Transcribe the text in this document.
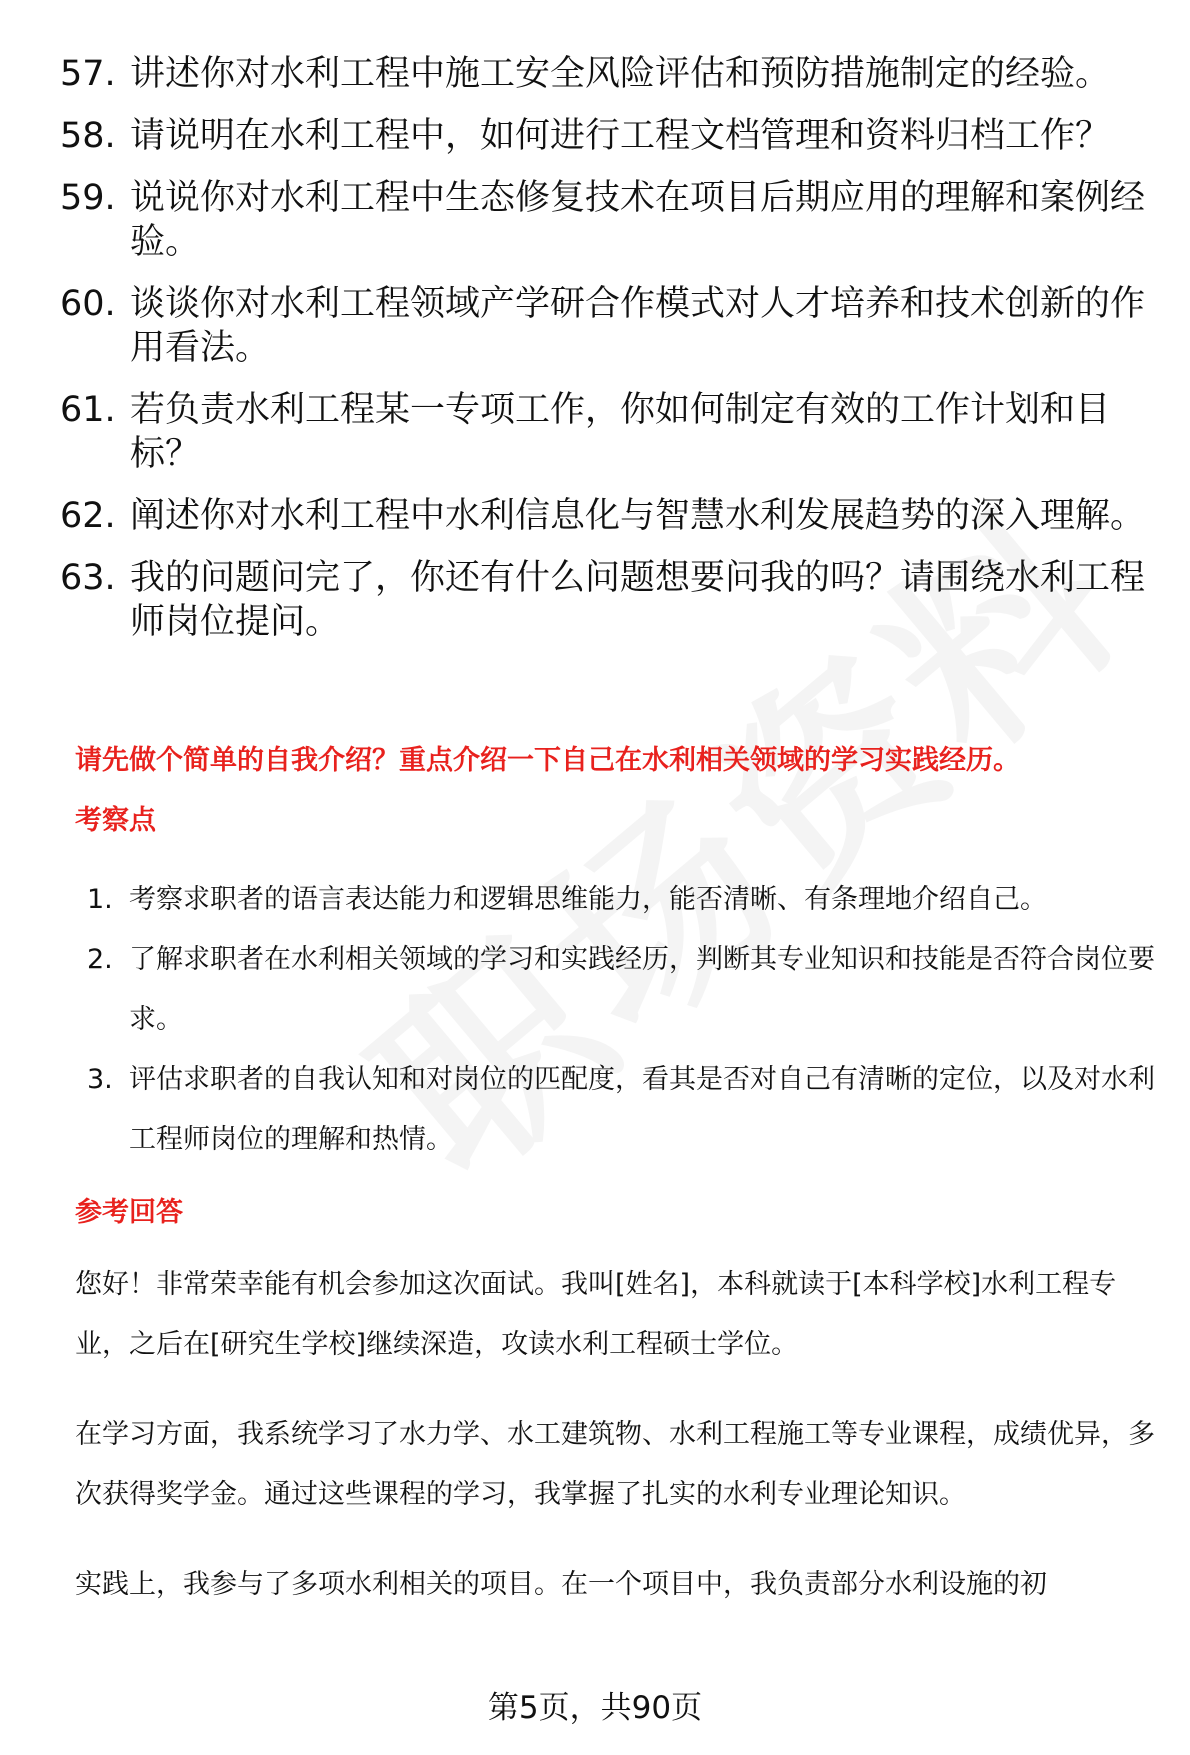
57. 讲述你对水利工程中施工安全风险评估和预防措施制定的经验。
58. 请说明在水利工程中，如何进行工程文档管理和资料归档工作？
59. 说说你对水利工程中生态修复技术在项目后期应用的理解和案例经验。
60. 谈谈你对水利工程领域产学研合作模式对人才培养和技术创新的作用看法。
61. 若负责水利工程某一专项工作，你如何制定有效的工作计划和目标？
62. 阐述你对水利工程中水利信息化与智慧水利发展趋势的深入理解。
63. 我的问题问完了，你还有什么问题想要问我的吗？请围绕水利工程师岗位提问。
请先做个简单的自我介绍？重点介绍一下自己在水利相关领域的学习实践经历。
考察点
1. 考察求职者的语言表达能力和逻辑思维能力，能否清晰、有条理地介绍自己。
2. 了解求职者在水利相关领域的学习和实践经历，判断其专业知识和技能是否符合岗位要求。
3. 评估求职者的自我认知和对岗位的匹配度，看其是否对自己有清晰的定位，以及对水利工程师岗位的理解和热情。
参考回答

您好！非常荣幸能有机会参加这次面试。我叫[姓名]，本科就读于[本科学校]水利工程专业，之后在[研究生学校]继续深造，攻读水利工程硕士学位。

在学习方面，我系统学习了水力学、水工建筑物、水利工程施工等专业课程，成绩优异，多次获得奖学金。通过这些课程的学习，我掌握了扎实的水利专业理论知识。

实践上，我参与了多项水利相关的项目。在一个项目中，我负责部分水利设施的初

第5页，共90页
